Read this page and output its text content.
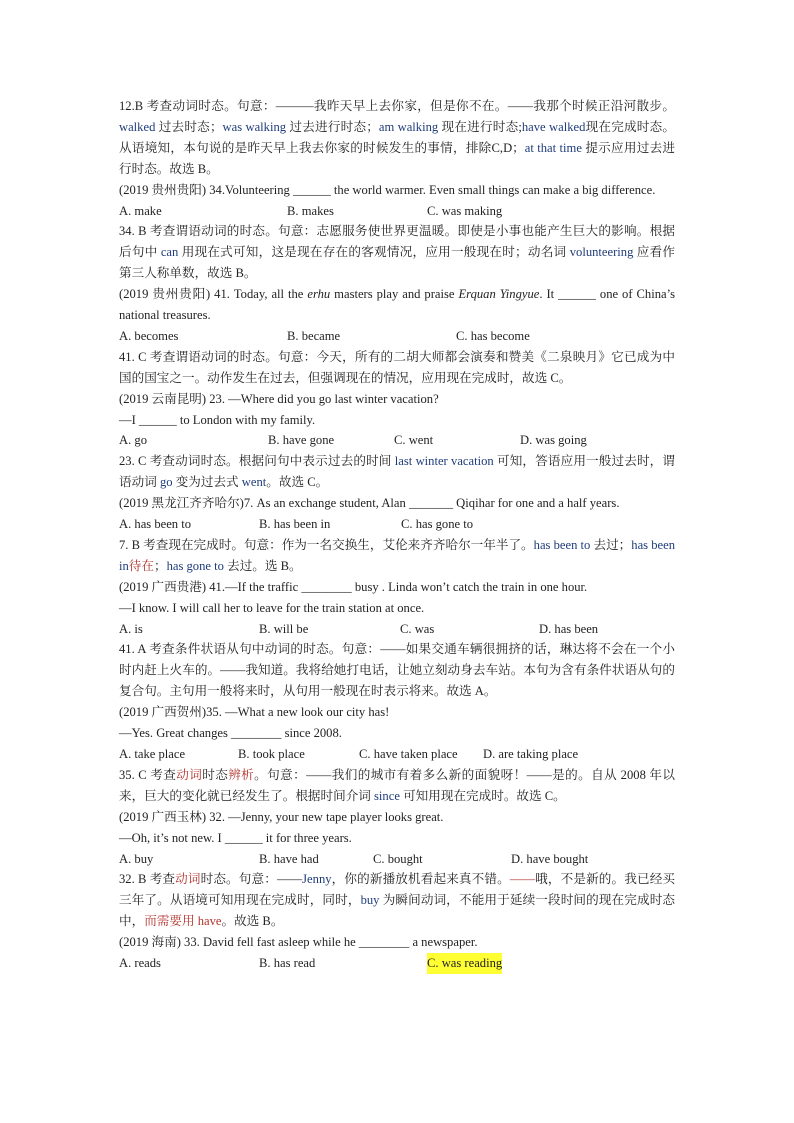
12.B 考查动词时态。句意：———我昨天早上去你家，但是你不在。——我那个时候正沿河散步。walked 过去时态；was walking 过去进行时态；am walking 现在进行时态;have walked现在完成时态。从语境知，本句说的是昨天早上我去你家的时候发生的事情，排除C,D；at that time 提示应用过去进行时态。故选 B。

(2019 贵州贵阳) 34.Volunteering ______ the world warmer. Even small things can make a big difference.

A. make	B. makes	C. was making

34. B 考查谓语动词的时态。句意：志愿服务使世界更温暖。即使是小事也能产生巨大的影响。根据后句中 can 用现在式可知，这是现在存在的客观情况，应用一般现在时；动名词 volunteering 应看作第三人称单数，故选 B。

(2019 贵州贵阳) 41. Today, all the erhu masters play and praise Erquan Yingyue. It ______ one of China’s national treasures.

A. becomes	B. became	C. has become

41. C 考查谓语动词的时态。句意：今天，所有的二胡大师都会演奏和赞美《二泉映月》它已成为中国的国宝之一。动作发生在过去，但强调现在的情况，应用现在完成时，故选 C。

(2019 云南昆明) 23. —Where did you go last winter vacation?

—I ______ to London with my family.

A. go	B. have gone	C. went	D. was going

23. C 考查动词时态。根据问句中表示过去的时间 last winter vacation 可知，答语应用一般过去时，谓语动词 go 变为过去式 went。故选 C。

(2019 黑龙江齐齐哈尔)7. As an exchange student, Alan _______ Qiqihar for one and a half years.

A. has been to	B. has been in	C. has gone to

7. B 考查现在完成时。句意：作为一名交换生，艾伦来齐齐哈尔一年半了。has been to 去过；has been in待在；has gone to 去过。选 B。

(2019 广西贵港) 41.—If the traffic ________ busy . Linda won’t catch the train in one hour.

—I know. I will call her to leave for the train station at once.

A. is	B. will be	C. was	D. has been

41. A 考查条件状语从句中动词的时态。句意：——如果交通车辆很拥挤的话，琳达将不会在一个小时内赶上火车的。——我知道。我将给她打电话，让她立刻动身去车站。本句为含有条件状语从句的复合句。主句用一般将来时，从句用一般现在时表示将来。故选 A。

(2019 广西贺州)35. —What a new look our city has!

—Yes. Great changes ________ since 2008.

A. take place	B. took place	C. have taken place D. are taking place

35. C 考查动词时态辨析。句意：——我们的城市有着多么新的面貌呀！——是的。自从 2008 年以来，巨大的变化就已经发生了。根据时间介词 since 可知用现在完成时。故选 C。

(2019 广西玉林) 32. —Jenny, your new tape player looks great.

—Oh, it’s not new. I ______ it for three years.

A. buy	B. have had	C. bought	D. have bought

32. B 考查动词时态。句意：——Jenny，你的新播放机看起来真不错。——哦，不是新的。我已经买三年了。从语境可知用现在完成时，同时，buy 为瞬间动词，不能用于延续一段时间的现在完成时态中，而需要用 have。故选 B。

(2019 海南) 33. David fell fast asleep while he ________ a newspaper.

A. reads	B. has read	C. was reading
